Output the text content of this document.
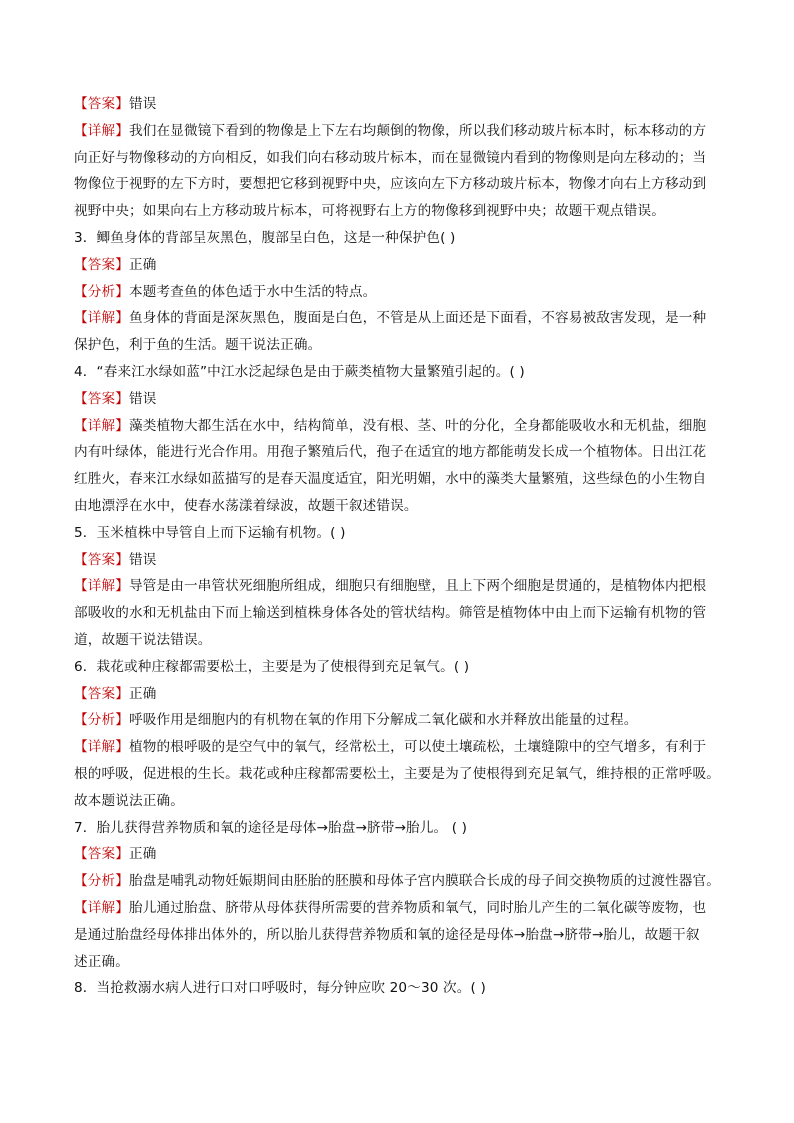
【答案】错误
【详解】我们在显微镜下看到的物像是上下左右均颠倒的物像，所以我们移动玻片标本时，标本移动的方
向正好与物像移动的方向相反，如我们向右移动玻片标本，而在显微镜内看到的物像则是向左移动的；当
物像位于视野的左下方时，要想把它移到视野中央，应该向左下方移动玻片标本，物像才向右上方移动到
视野中央；如果向右上方移动玻片标本，可将视野右上方的物像移到视野中央；故题干观点错误。
3．鲫鱼身体的背部呈灰黑色，腹部呈白色，这是一种保护色( )
【答案】正确
【分析】本题考查鱼的体色适于水中生活的特点。
【详解】鱼身体的背面是深灰黑色，腹面是白色，不管是从上面还是下面看，不容易被敌害发现，是一种
保护色，利于鱼的生活。题干说法正确。
4．“春来江水绿如蓝”中江水泛起绿色是由于蕨类植物大量繁殖引起的。( )
【答案】错误
【详解】藻类植物大都生活在水中，结构简单，没有根、茎、叶的分化，全身都能吸收水和无机盐，细胞
内有叶绿体，能进行光合作用。用孢子繁殖后代，孢子在适宜的地方都能萌发长成一个植物体。日出江花
红胜火，春来江水绿如蓝描写的是春天温度适宜，阳光明媚，水中的藻类大量繁殖，这些绿色的小生物自
由地漂浮在水中，使春水荡漾着绿波，故题干叙述错误。
5．玉米植株中导管自上而下运输有机物。( )
【答案】错误
【详解】导管是由一串管状死细胞所组成，细胞只有细胞壁，且上下两个细胞是贯通的，是植物体内把根
部吸收的水和无机盐由下而上输送到植株身体各处的管状结构。筛管是植物体中由上而下运输有机物的管
道，故题干说法错误。
6．栽花或种庄稼都需要松土，主要是为了使根得到充足氧气。( )
【答案】正确
【分析】呼吸作用是细胞内的有机物在氧的作用下分解成二氧化碳和水并释放出能量的过程。
【详解】植物的根呼吸的是空气中的氧气，经常松土，可以使土壤疏松，土壤缝隙中的空气增多，有利于
根的呼吸，促进根的生长。栽花或种庄稼都需要松土，主要是为了使根得到充足氧气，维持根的正常呼吸。
故本题说法正确。
7．胎儿获得营养物质和氧的途径是母体→胎盘→脐带→胎儿。 ( )
【答案】正确
【分析】胎盘是哺乳动物妊娠期间由胚胎的胚膜和母体子宫内膜联合长成的母子间交换物质的过渡性器官。
【详解】胎儿通过胎盘、脐带从母体获得所需要的营养物质和氧气，同时胎儿产生的二氧化碳等废物，也
是通过胎盘经母体排出体外的，所以胎儿获得营养物质和氧的途径是母体→胎盘→脐带→胎儿，故题干叙
述正确。
8．当抢救溺水病人进行口对口呼吸时，每分钟应吹 20～30 次。( )
